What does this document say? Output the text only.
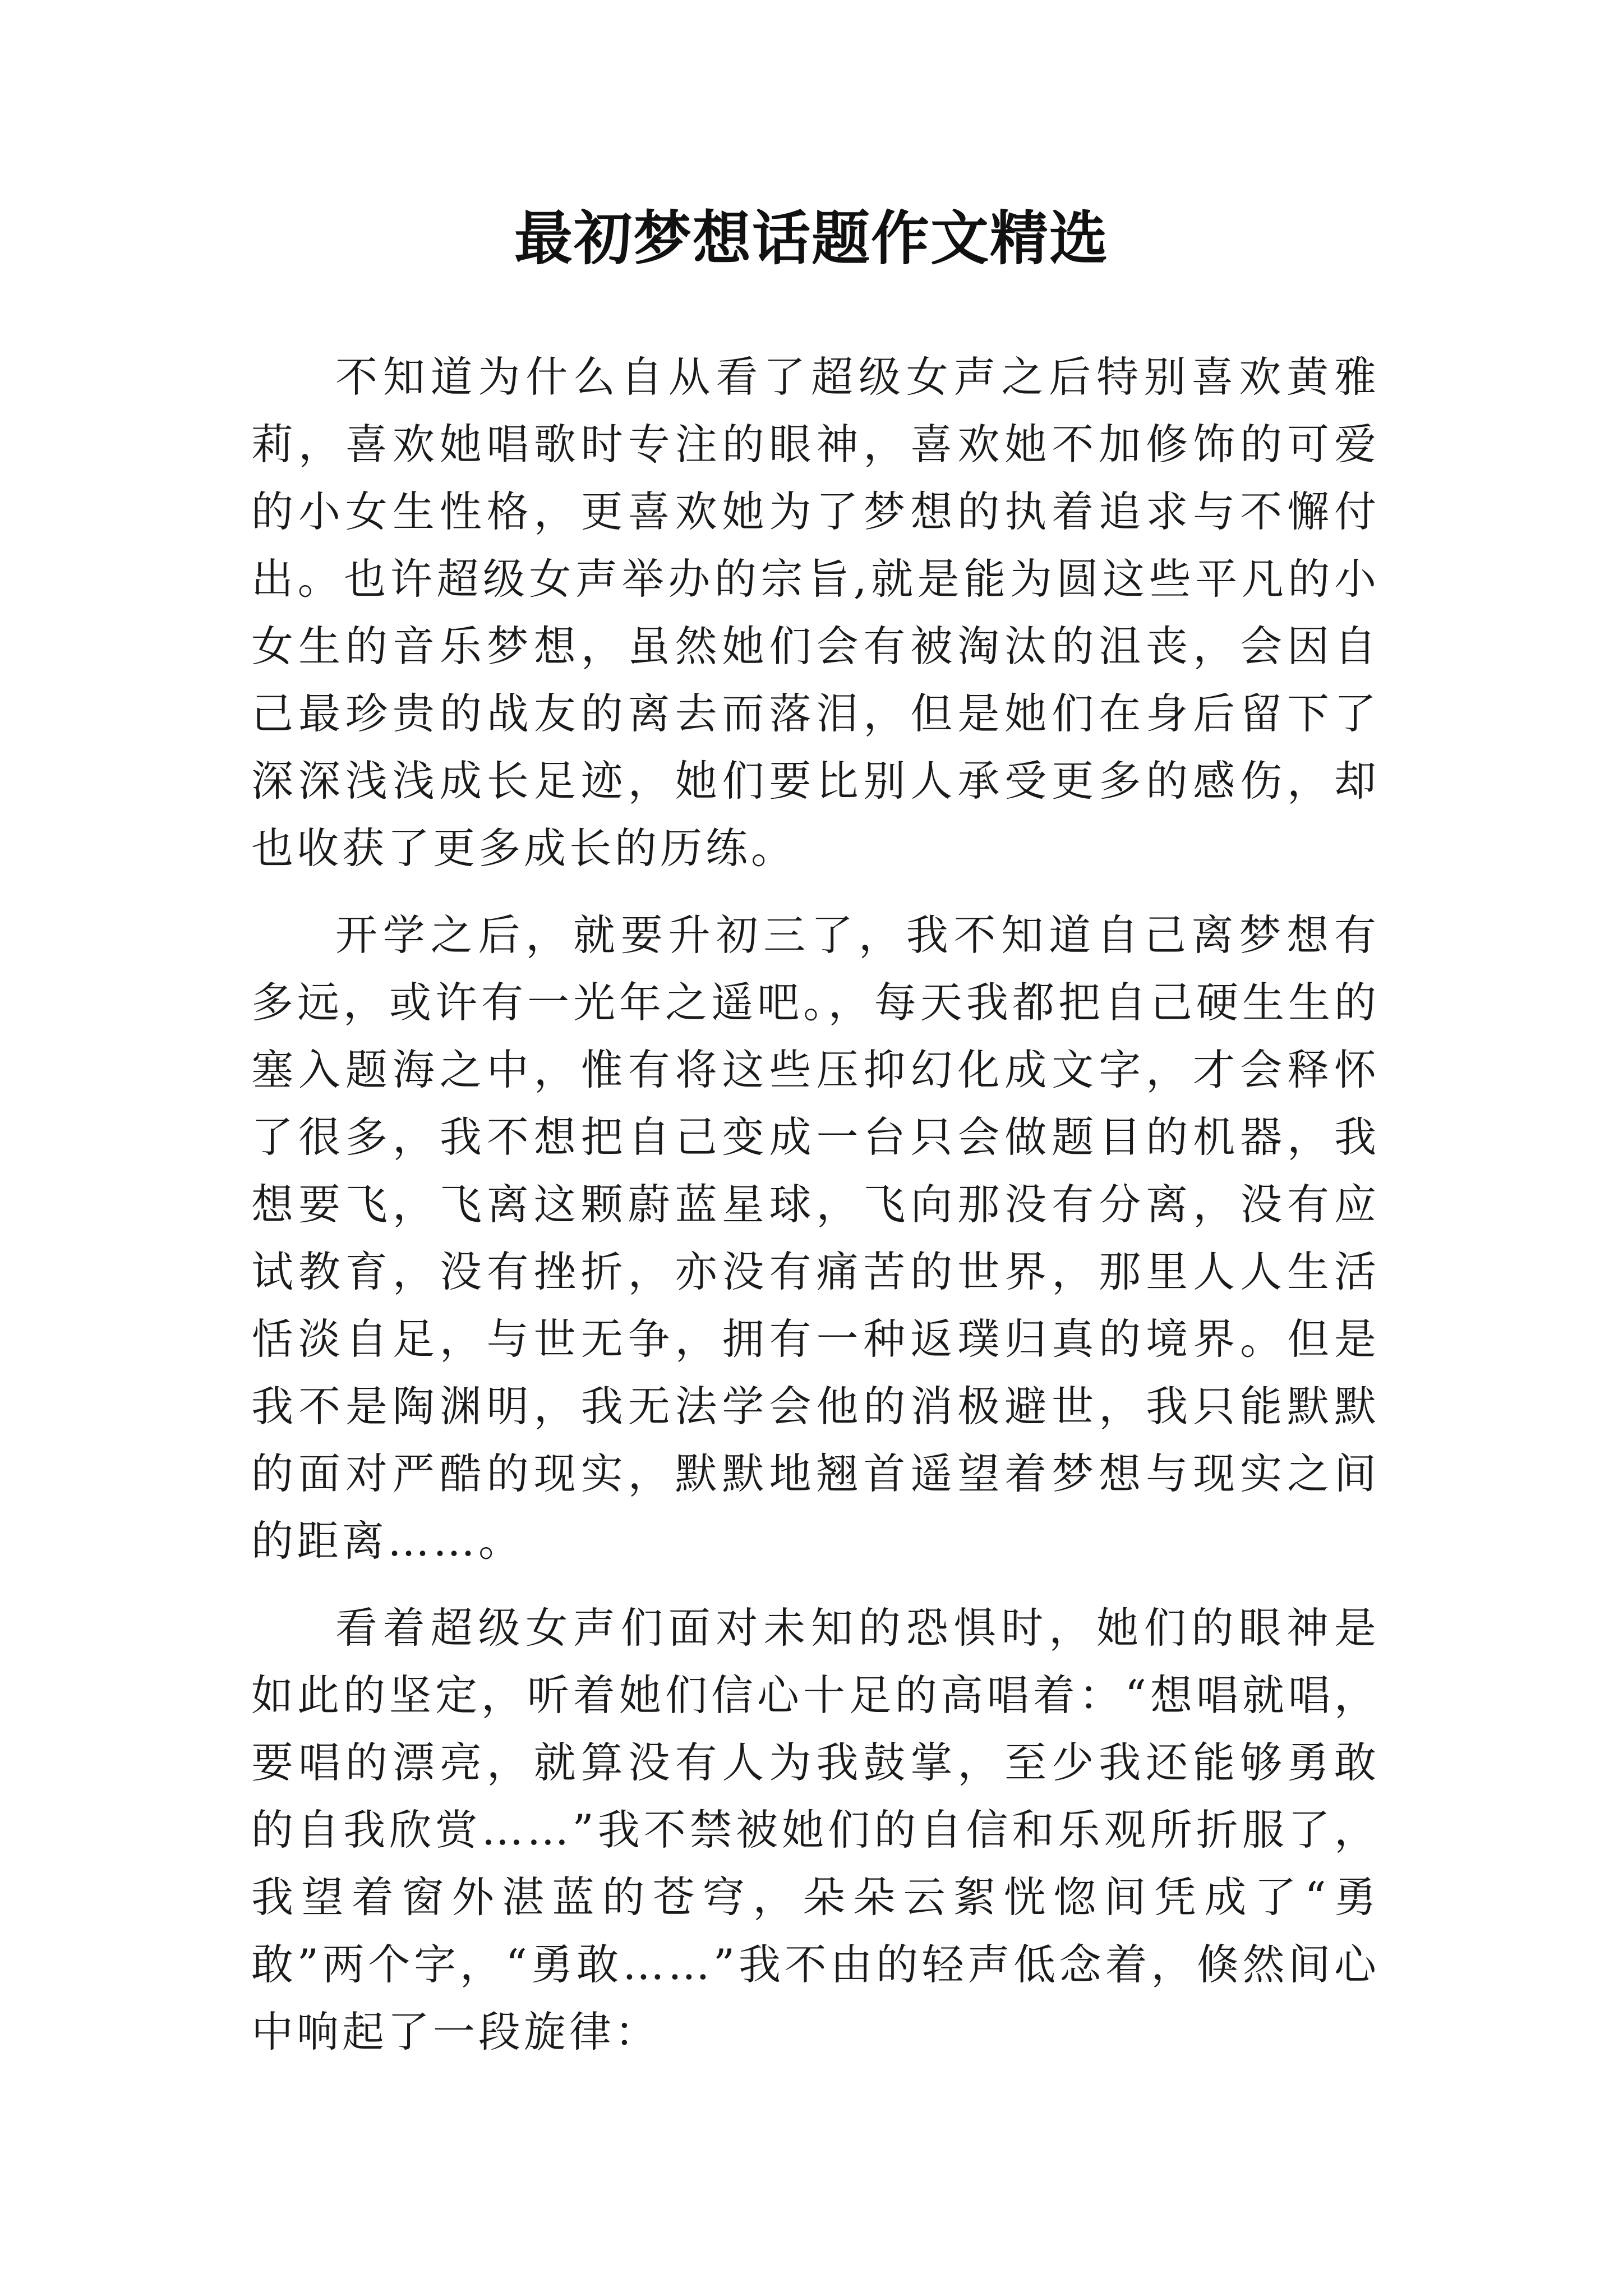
最初梦想话题作文精选

不知道为什么自从看了超级女声之后特别喜欢黄雅莉，喜欢她唱歌时专注的眼神，喜欢她不加修饰的可爱的小女生性格，更喜欢她为了梦想的执着追求与不懈付出。也许超级女声举办的宗旨,就是能为圆这些平凡的小女生的音乐梦想，虽然她们会有被淘汰的沮丧，会因自己最珍贵的战友的离去而落泪，但是她们在身后留下了深深浅浅成长足迹，她们要比别人承受更多的感伤，却也收获了更多成长的历练。

开学之后，就要升初三了，我不知道自己离梦想有多远，或许有一光年之遥吧。，每天我都把自己硬生生的塞入题海之中，惟有将这些压抑幻化成文字，才会释怀了很多，我不想把自己变成一台只会做题目的机器，我想要飞，飞离这颗蔚蓝星球，飞向那没有分离，没有应试教育，没有挫折，亦没有痛苦的世界，那里人人生活恬淡自足，与世无争，拥有一种返璞归真的境界。但是我不是陶渊明，我无法学会他的消极避世，我只能默默的面对严酷的现实，默默地翘首遥望着梦想与现实之间的距离……。

看着超级女声们面对未知的恐惧时，她们的眼神是如此的坚定，听着她们信心十足的高唱着：“想唱就唱，要唱的漂亮，就算没有人为我鼓掌，至少我还能够勇敢的自我欣赏……”我不禁被她们的自信和乐观所折服了，我望着窗外湛蓝的苍穹，朵朵云絮恍惚间凭成了“勇敢”两个字，“勇敢……”我不由的轻声低念着，倏然间心中响起了一段旋律：
